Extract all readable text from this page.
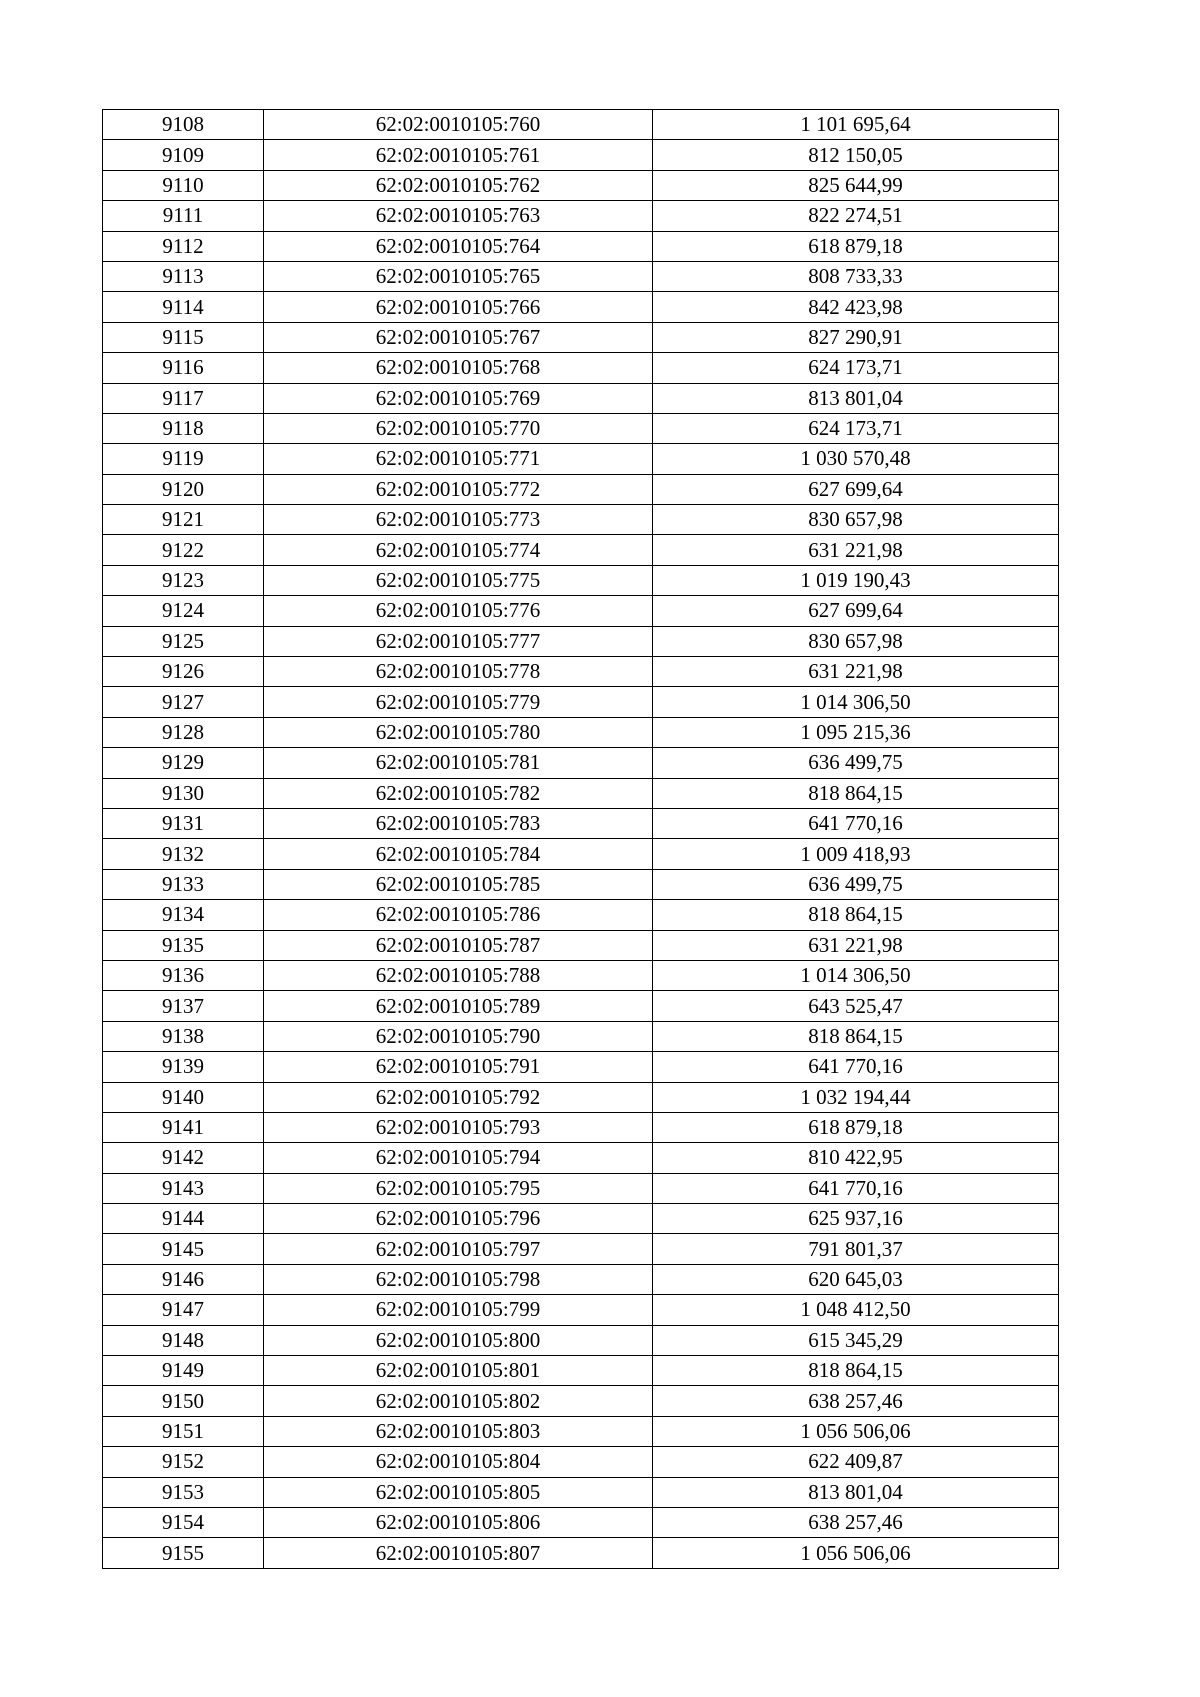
9108	62:02:0010105:760	1 101 695,64
9109	62:02:0010105:761	812 150,05
9110	62:02:0010105:762	825 644,99
9111	62:02:0010105:763	822 274,51
9112	62:02:0010105:764	618 879,18
9113	62:02:0010105:765	808 733,33
9114	62:02:0010105:766	842 423,98
9115	62:02:0010105:767	827 290,91
9116	62:02:0010105:768	624 173,71
9117	62:02:0010105:769	813 801,04
9118	62:02:0010105:770	624 173,71
9119	62:02:0010105:771	1 030 570,48
9120	62:02:0010105:772	627 699,64
9121	62:02:0010105:773	830 657,98
9122	62:02:0010105:774	631 221,98
9123	62:02:0010105:775	1 019 190,43
9124	62:02:0010105:776	627 699,64
9125	62:02:0010105:777	830 657,98
9126	62:02:0010105:778	631 221,98
9127	62:02:0010105:779	1 014 306,50
9128	62:02:0010105:780	1 095 215,36
9129	62:02:0010105:781	636 499,75
9130	62:02:0010105:782	818 864,15
9131	62:02:0010105:783	641 770,16
9132	62:02:0010105:784	1 009 418,93
9133	62:02:0010105:785	636 499,75
9134	62:02:0010105:786	818 864,15
9135	62:02:0010105:787	631 221,98
9136	62:02:0010105:788	1 014 306,50
9137	62:02:0010105:789	643 525,47
9138	62:02:0010105:790	818 864,15
9139	62:02:0010105:791	641 770,16
9140	62:02:0010105:792	1 032 194,44
9141	62:02:0010105:793	618 879,18
9142	62:02:0010105:794	810 422,95
9143	62:02:0010105:795	641 770,16
9144	62:02:0010105:796	625 937,16
9145	62:02:0010105:797	791 801,37
9146	62:02:0010105:798	620 645,03
9147	62:02:0010105:799	1 048 412,50
9148	62:02:0010105:800	615 345,29
9149	62:02:0010105:801	818 864,15
9150	62:02:0010105:802	638 257,46
9151	62:02:0010105:803	1 056 506,06
9152	62:02:0010105:804	622 409,87
9153	62:02:0010105:805	813 801,04
9154	62:02:0010105:806	638 257,46
9155	62:02:0010105:807	1 056 506,06
